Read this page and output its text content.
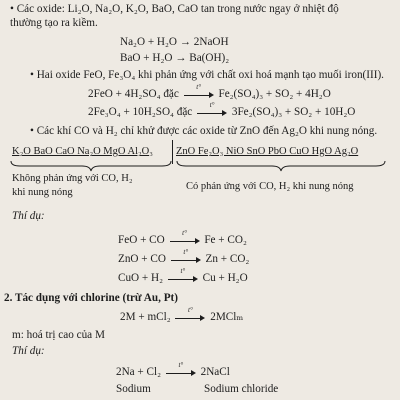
• Các oxide: Li₂O, Na₂O, K₂O, BaO, CaO tan trong nước ngay ở nhiệt độ
thường tạo ra kiềm.
Na₂O + H₂O → 2NaOH
BaO + H₂O → Ba(OH)₂
• Hai oxide FeO, Fe₃O₄ khi phản ứng với chất oxi hoá mạnh tạo muối iron(III).
2FeO + 4H₂SO₄ đặc
t°
Fe₂(SO₄)₃ + SO₂ + 4H₂O
2Fe₃O₄ + 10H₂SO₄ đặc
t°
3Fe₂(SO₄)₃ + SO₂ + 10H₂O
• Các khí CO và H₂ chỉ khử được các oxide từ ZnO đến Ag₂O khi nung nóng.
K₂O BaO CaO Na₂O MgO Al₂O₃ ZnO Fe₂O₃ NiO SnO PbO CuO HgO Ag₂O
Không phản ứng với CO, H₂
khi nung nóng
Có phản ứng với CO, H₂ khi nung nóng
Thí dụ:
FeO + CO
t°
Fe + CO₂
ZnO + CO
t°
Zn + CO₂
CuO + H₂
t°
Cu + H₂O
2. Tác dụng với chlorine (trừ Au, Pt)
2M + mCl₂
t°
2MClₘ
m: hoá trị cao của M
Thí dụ:
2Na + Cl₂
t°
2NaCl
Sodium	Sodium chloride
